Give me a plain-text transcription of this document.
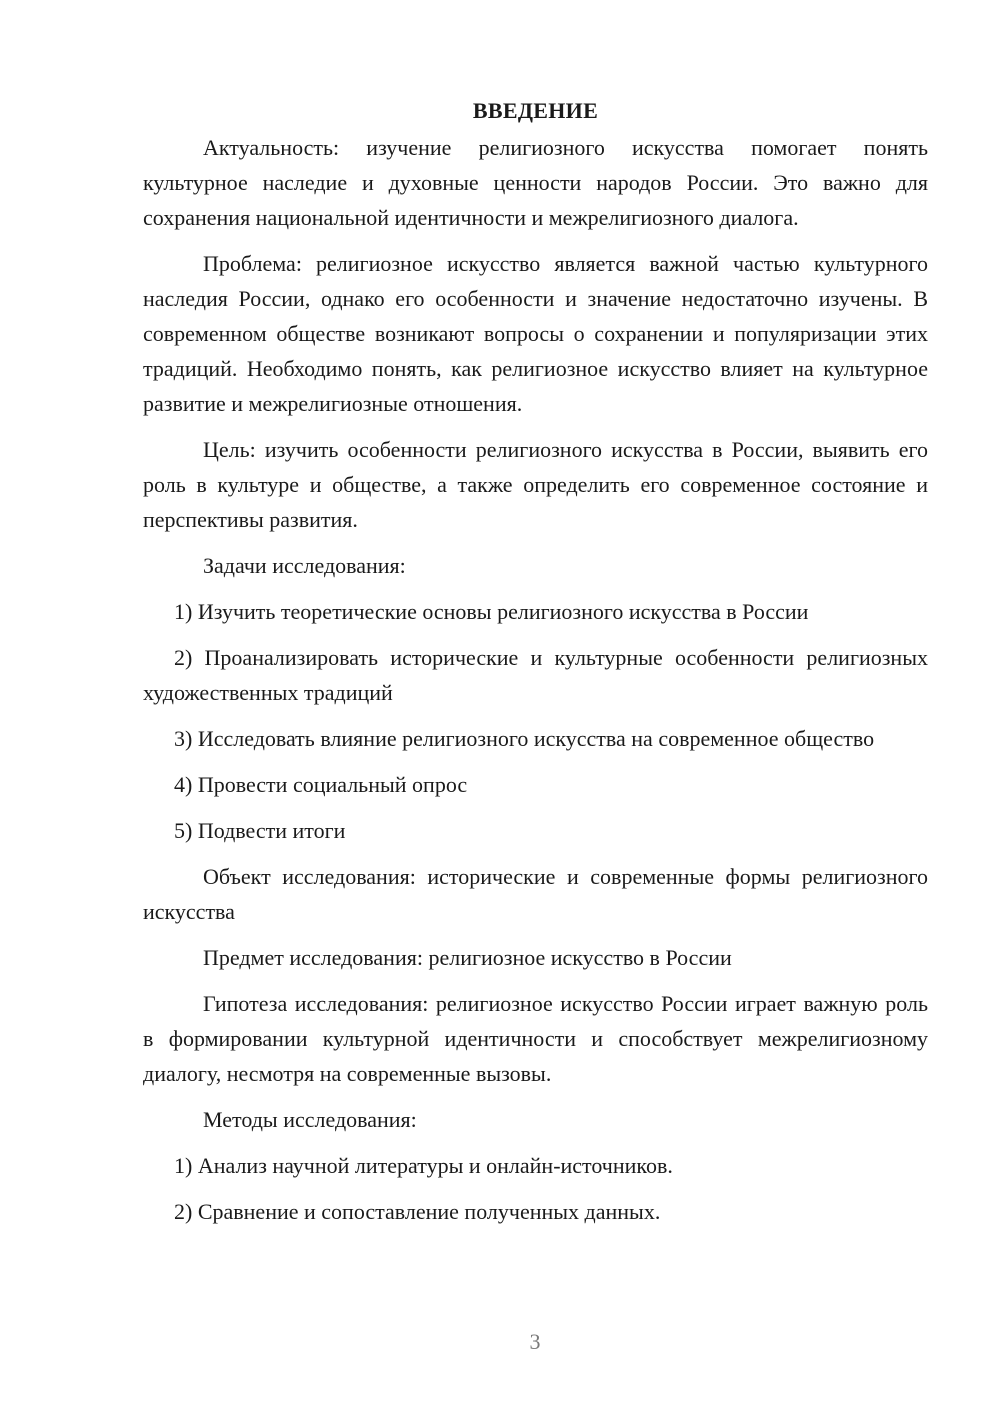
ВВЕДЕНИЕ

Актуальность: изучение религиозного искусства помогает понять культурное наследие и духовные ценности народов России. Это важно для сохранения национальной идентичности и межрелигиозного диалога.

Проблема: религиозное искусство является важной частью культурного наследия России, однако его особенности и значение недостаточно изучены. В современном обществе возникают вопросы о сохранении и популяризации этих традиций. Необходимо понять, как религиозное искусство влияет на культурное развитие и межрелигиозные отношения.

Цель: изучить особенности религиозного искусства в России, выявить его роль в культуре и обществе, а также определить его современное состояние и перспективы развития.

Задачи исследования:

1) Изучить теоретические основы религиозного искусства в России

2) Проанализировать исторические и культурные особенности религиозных художественных традиций

3) Исследовать влияние религиозного искусства на современное общество

4) Провести социальный опрос

5) Подвести итоги

Объект исследования: исторические и современные формы религиозного искусства

Предмет исследования: религиозное искусство в России

Гипотеза исследования: религиозное искусство России играет важную роль в формировании культурной идентичности и способствует межрелигиозному диалогу, несмотря на современные вызовы.

Методы исследования:

1) Анализ научной литературы и онлайн-источников.

2) Сравнение и сопоставление полученных данных.

3
